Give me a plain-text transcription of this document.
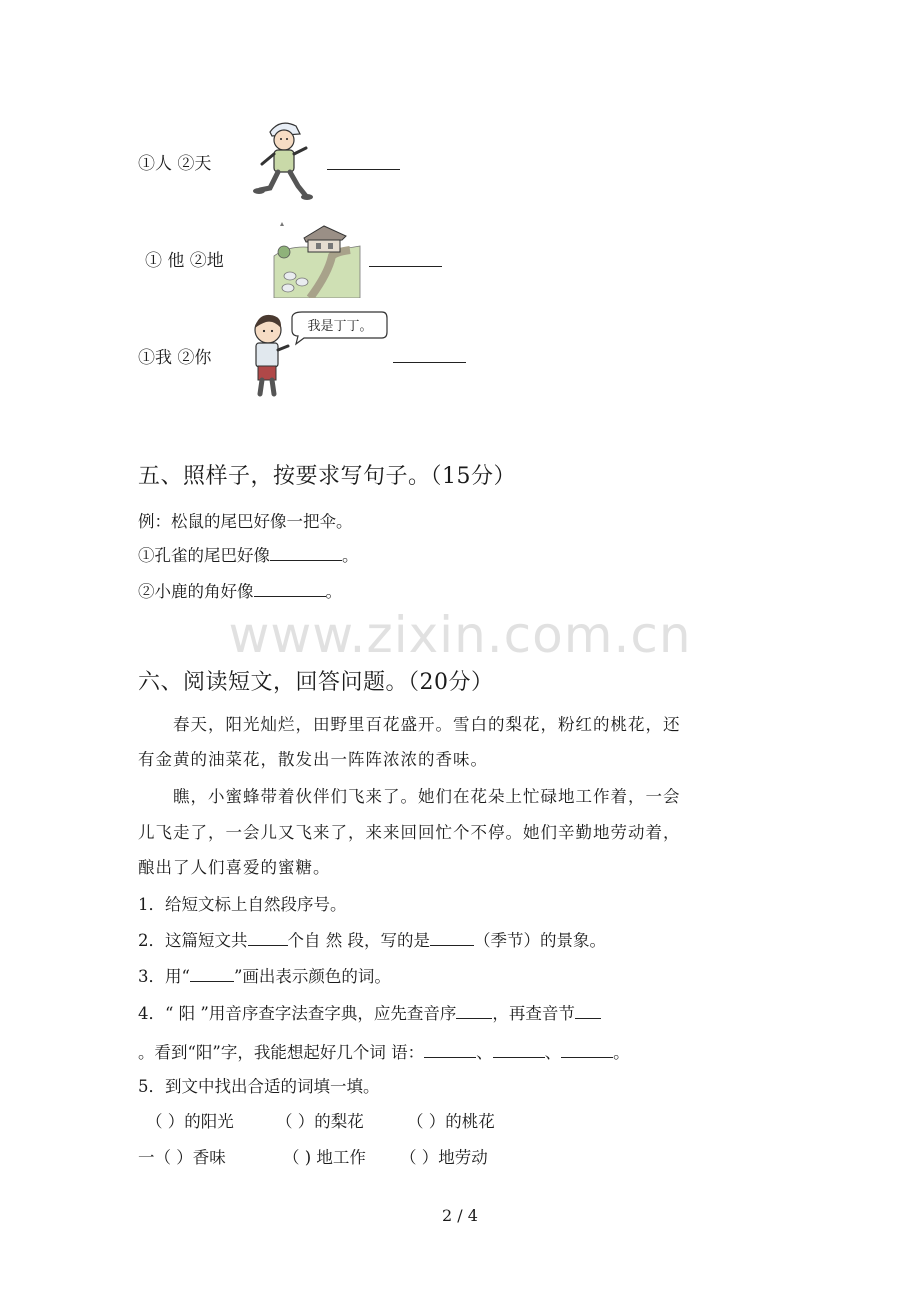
①人 ②天
① 他 ②地
①我 ②你
我是丁丁。
五、照样子，按要求写句子。（15分）
例：松鼠的尾巴好像一把伞。
①孔雀的尾巴好像	。
②小鹿的角好像	。
www.zixin.com.cn
六、阅读短文，回答问题。（20分）
春天，阳光灿烂，田野里百花盛开。雪白的梨花，粉红的桃花，还
有金黄的油菜花，散发出一阵阵浓浓的香味。
瞧，小蜜蜂带着伙伴们飞来了。她们在花朵上忙碌地工作着，一会
儿飞走了，一会儿又飞来了，来来回回忙个不停。她们辛勤地劳动着，
酿出了人们喜爱的蜜糖。
1．给短文标上自然段序号。
2．这篇短文共 个自 然 段，写的是	（季节）的景象。
3．用“	”画出表示颜色的词。
4．“ 阳 ”用音序查字法查字典，应先查音序 ，再查音节
。看到“阳”字，我能想起好几个词 语：	、	、	。
5．到文中找出合适的词填一填。
（ ）的阳光	（ ）的梨花	（ ）的桃花
一（ ）香味	（ ) 地工作 （ ）地劳动
2 / 4
